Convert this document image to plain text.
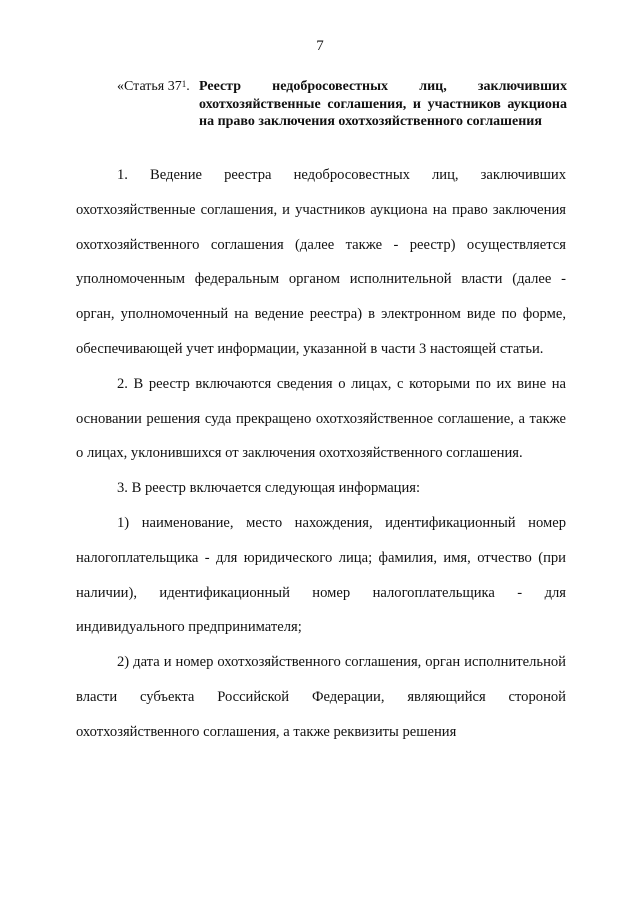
7
«Статья $37^1$. Реестр недобросовестных лиц, заключивших охотхозяйственные соглашения, и участников аукциона на право заключения охотхозяйственного соглашения

1. Ведение реестра недобросовестных лиц, заключивших охотхозяйственные соглашения, и участников аукциона на право заключения охотхозяйственного соглашения (далее также - реестр) осуществляется уполномоченным федеральным органом исполнительной власти (далее - орган, уполномоченный на ведение реестра) в электронном виде по форме, обеспечивающей учет информации, указанной в части 3 настоящей статьи.

2. В реестр включаются сведения о лицах, с которыми по их вине на основании решения суда прекращено охотхозяйственное соглашение, а также о лицах, уклонившихся от заключения охотхозяйственного соглашения.

3. В реестр включается следующая информация:

1) наименование, место нахождения, идентификационный номер налогоплательщика - для юридического лица; фамилия, имя, отчество (при наличии), идентификационный номер налогоплательщика - для индивидуального предпринимателя;

2) дата и номер охотхозяйственного соглашения, орган исполнительной власти субъекта Российской Федерации, являющийся стороной охотхозяйственного соглашения, а также реквизиты решения
